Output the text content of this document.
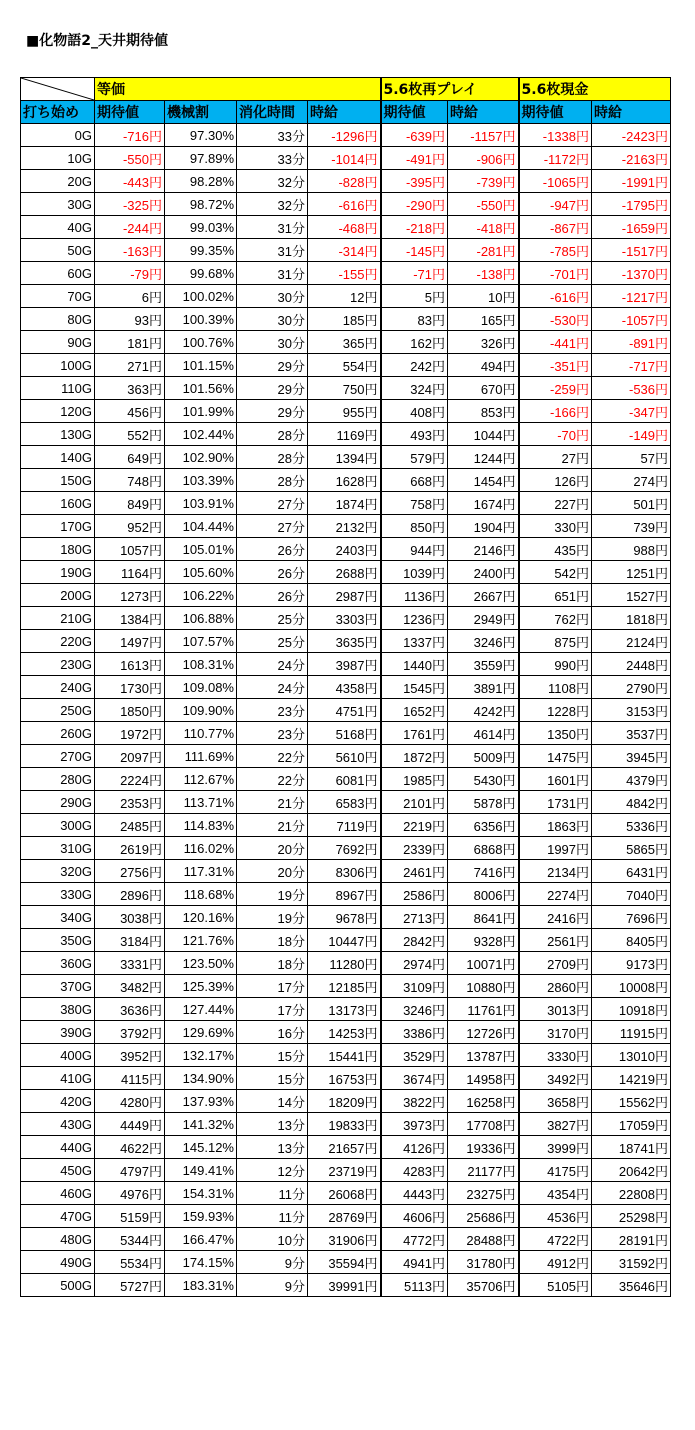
■化物語2_天井期待値
	等価				5.6枚再プレイ		5.6枚現金	
打ち始め	期待値	機械割	消化時間	時給	期待値	時給	期待値	時給
0G	-716円	97.30%	33分	-1296円	-639円	-1157円	-1338円	-2423円
10G	-550円	97.89%	33分	-1014円	-491円	-906円	-1172円	-2163円
20G	-443円	98.28%	32分	-828円	-395円	-739円	-1065円	-1991円
30G	-325円	98.72%	32分	-616円	-290円	-550円	-947円	-1795円
40G	-244円	99.03%	31分	-468円	-218円	-418円	-867円	-1659円
50G	-163円	99.35%	31分	-314円	-145円	-281円	-785円	-1517円
60G	-79円	99.68%	31分	-155円	-71円	-138円	-701円	-1370円
70G	6円	100.02%	30分	12円	5円	10円	-616円	-1217円
80G	93円	100.39%	30分	185円	83円	165円	-530円	-1057円
90G	181円	100.76%	30分	365円	162円	326円	-441円	-891円
100G	271円	101.15%	29分	554円	242円	494円	-351円	-717円
110G	363円	101.56%	29分	750円	324円	670円	-259円	-536円
120G	456円	101.99%	29分	955円	408円	853円	-166円	-347円
130G	552円	102.44%	28分	1169円	493円	1044円	-70円	-149円
140G	649円	102.90%	28分	1394円	579円	1244円	27円	57円
150G	748円	103.39%	28分	1628円	668円	1454円	126円	274円
160G	849円	103.91%	27分	1874円	758円	1674円	227円	501円
170G	952円	104.44%	27分	2132円	850円	1904円	330円	739円
180G	1057円	105.01%	26分	2403円	944円	2146円	435円	988円
190G	1164円	105.60%	26分	2688円	1039円	2400円	542円	1251円
200G	1273円	106.22%	26分	2987円	1136円	2667円	651円	1527円
210G	1384円	106.88%	25分	3303円	1236円	2949円	762円	1818円
220G	1497円	107.57%	25分	3635円	1337円	3246円	875円	2124円
230G	1613円	108.31%	24分	3987円	1440円	3559円	990円	2448円
240G	1730円	109.08%	24分	4358円	1545円	3891円	1108円	2790円
250G	1850円	109.90%	23分	4751円	1652円	4242円	1228円	3153円
260G	1972円	110.77%	23分	5168円	1761円	4614円	1350円	3537円
270G	2097円	111.69%	22分	5610円	1872円	5009円	1475円	3945円
280G	2224円	112.67%	22分	6081円	1985円	5430円	1601円	4379円
290G	2353円	113.71%	21分	6583円	2101円	5878円	1731円	4842円
300G	2485円	114.83%	21分	7119円	2219円	6356円	1863円	5336円
310G	2619円	116.02%	20分	7692円	2339円	6868円	1997円	5865円
320G	2756円	117.31%	20分	8306円	2461円	7416円	2134円	6431円
330G	2896円	118.68%	19分	8967円	2586円	8006円	2274円	7040円
340G	3038円	120.16%	19分	9678円	2713円	8641円	2416円	7696円
350G	3184円	121.76%	18分	10447円	2842円	9328円	2561円	8405円
360G	3331円	123.50%	18分	11280円	2974円	10071円	2709円	9173円
370G	3482円	125.39%	17分	12185円	3109円	10880円	2860円	10008円
380G	3636円	127.44%	17分	13173円	3246円	11761円	3013円	10918円
390G	3792円	129.69%	16分	14253円	3386円	12726円	3170円	11915円
400G	3952円	132.17%	15分	15441円	3529円	13787円	3330円	13010円
410G	4115円	134.90%	15分	16753円	3674円	14958円	3492円	14219円
420G	4280円	137.93%	14分	18209円	3822円	16258円	3658円	15562円
430G	4449円	141.32%	13分	19833円	3973円	17708円	3827円	17059円
440G	4622円	145.12%	13分	21657円	4126円	19336円	3999円	18741円
450G	4797円	149.41%	12分	23719円	4283円	21177円	4175円	20642円
460G	4976円	154.31%	11分	26068円	4443円	23275円	4354円	22808円
470G	5159円	159.93%	11分	28769円	4606円	25686円	4536円	25298円
480G	5344円	166.47%	10分	31906円	4772円	28488円	4722円	28191円
490G	5534円	174.15%	9分	35594円	4941円	31780円	4912円	31592円
500G	5727円	183.31%	9分	39991円	5113円	35706円	5105円	35646円
